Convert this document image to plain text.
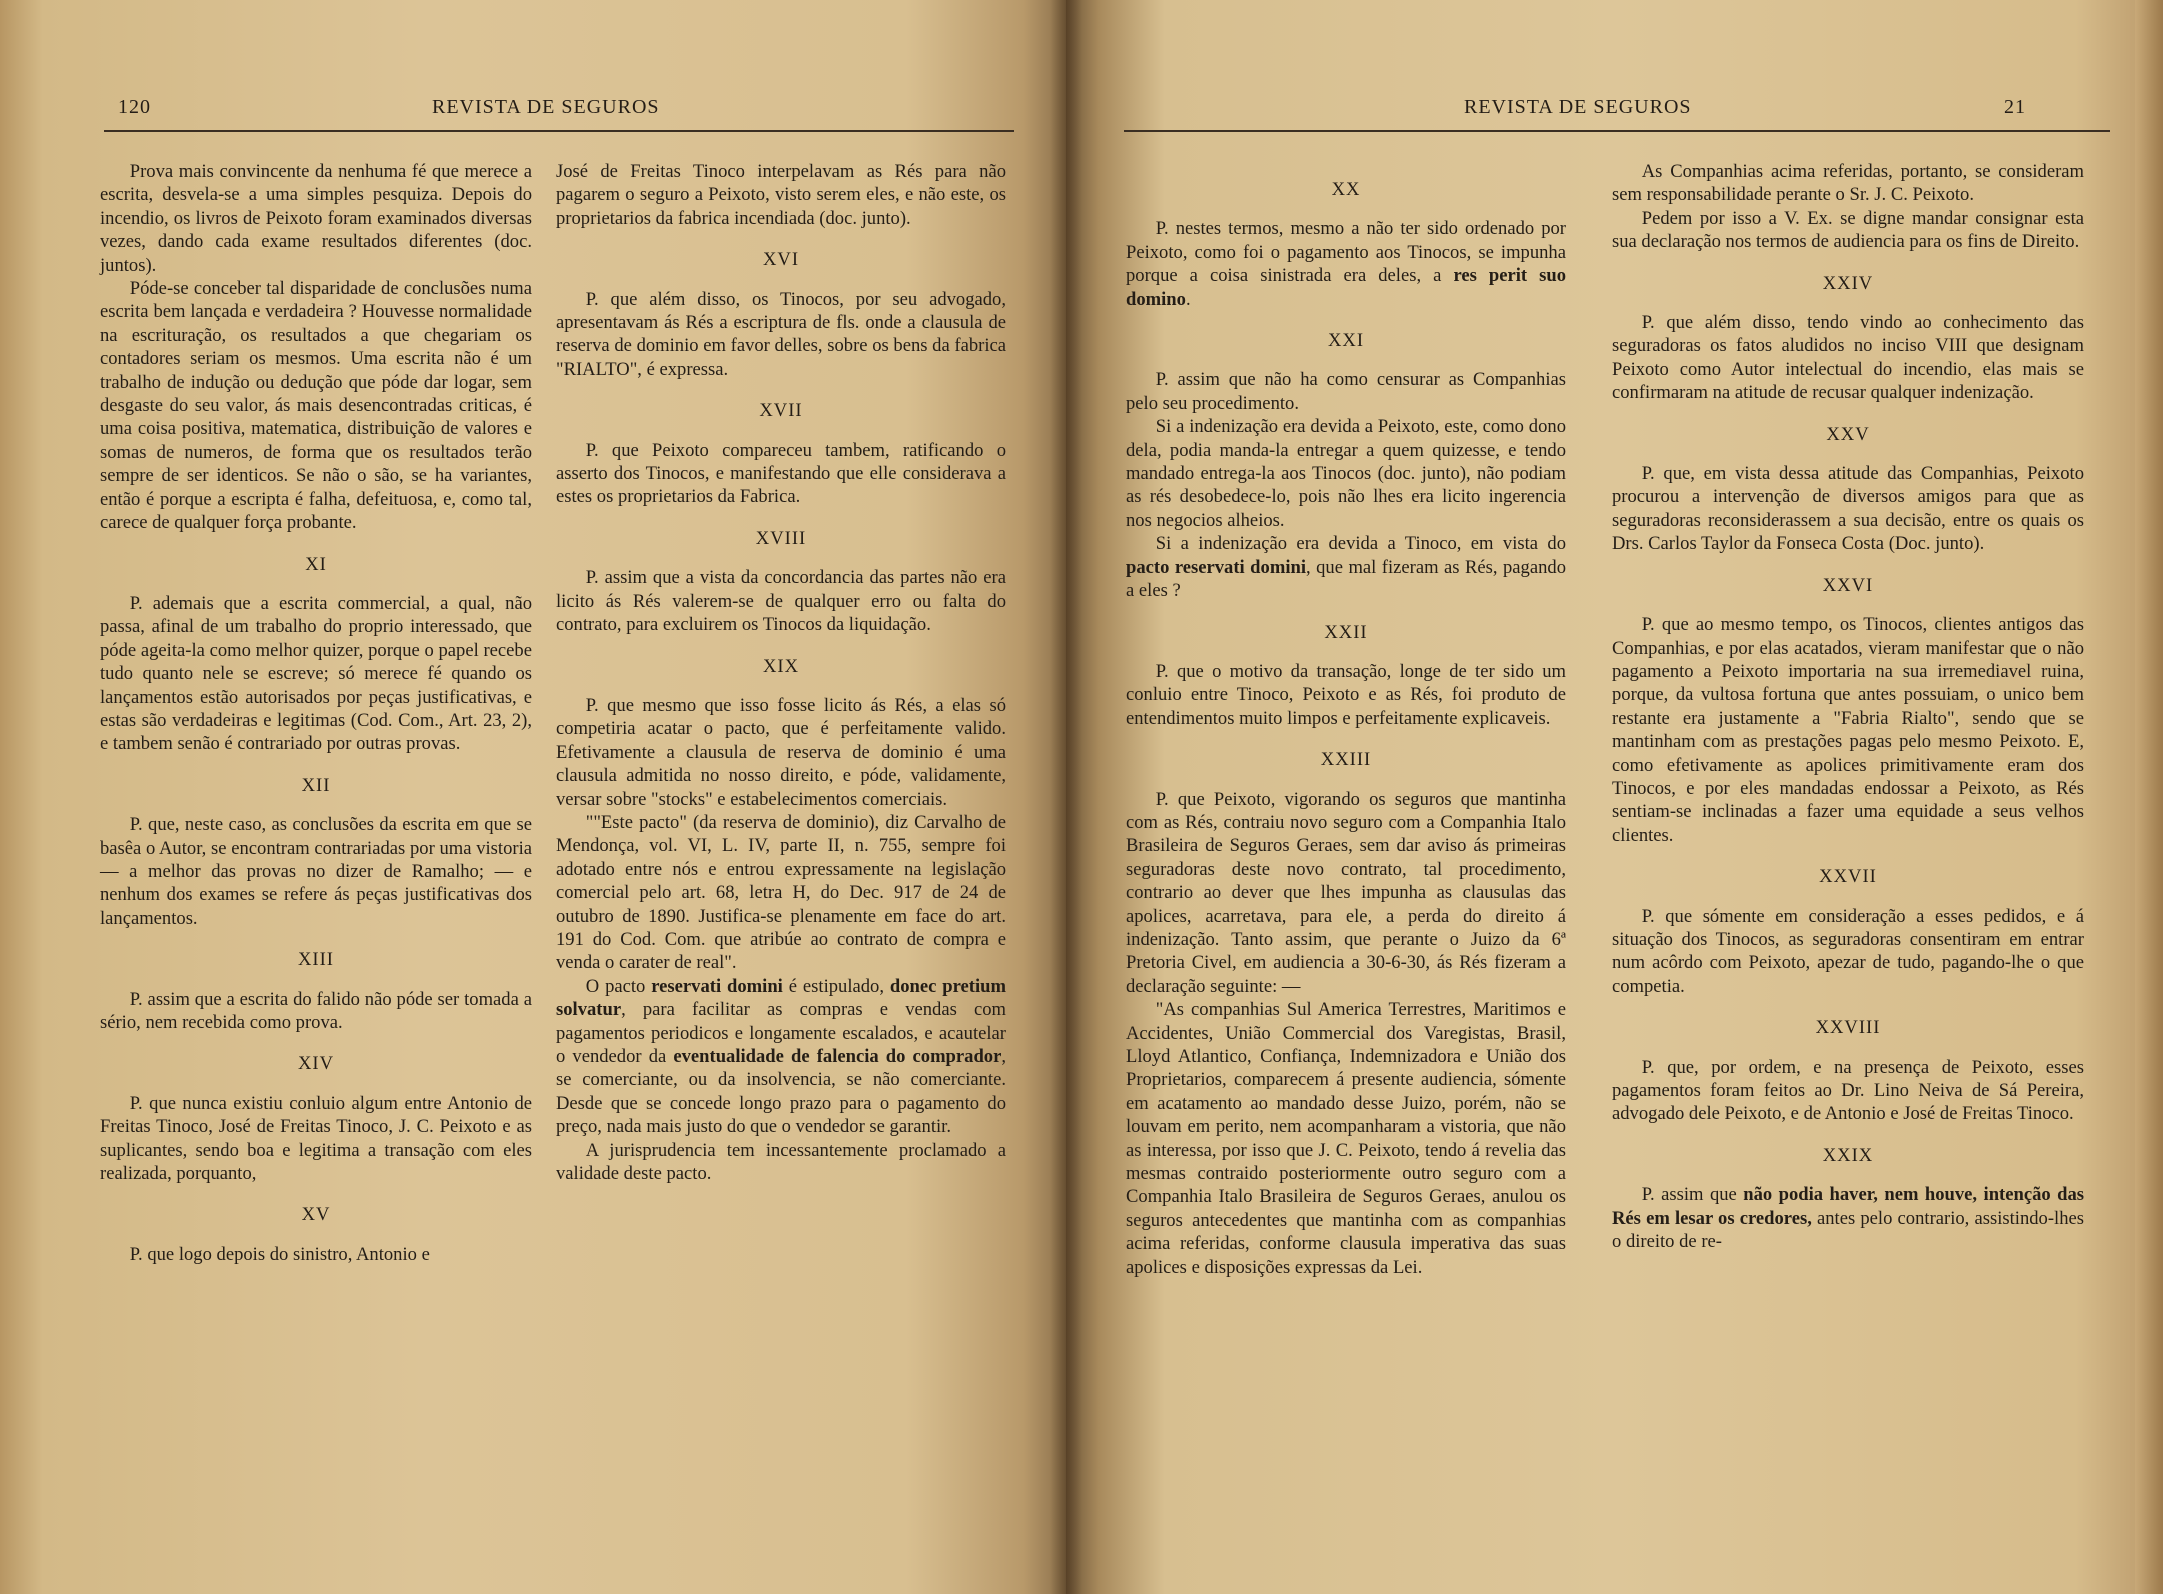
120	REVISTA DE SEGUROS

Prova mais convincente da nenhuma fé que merece a escrita, desvela-se a uma simples pesquiza. Depois do incendio, os livros de Peixoto foram examinados diversas vezes, dando cada exame resultados diferentes (doc. juntos).

Póde-se conceber tal disparidade de conclusões numa escrita bem lançada e verdadeira ? Houvesse normalidade na escrituração, os resultados a que chegariam os contadores seriam os mesmos. Uma escrita não é um trabalho de indução ou dedução que póde dar logar, sem desgaste do seu valor, ás mais desencontradas criticas, é uma coisa positiva, matematica, distribuição de valores e somas de numeros, de forma que os resultados terão sempre de ser identicos. Se não o são, se ha variantes, então é porque a escripta é falha, defeituosa, e, como tal, carece de qualquer força probante.

XI

P. ademais que a escrita commercial, a qual, não passa, afinal de um trabalho do proprio interessado, que póde ageita-la como melhor quizer, porque o papel recebe tudo quanto nele se escreve; só merece fé quando os lançamentos estão autorisados por peças justificativas, e estas são verdadeiras e legitimas (Cod. Com., Art. 23, 2), e tambem senão é contrariado por outras provas.

XII

P. que, neste caso, as conclusões da escrita em que se basêa o Autor, se encontram contrariadas por uma vistoria — a melhor das provas no dizer de Ramalho; — e nenhum dos exames se refere ás peças justificativas dos lançamentos.

XIII

P. assim que a escrita do falido não póde ser tomada a sério, nem recebida como prova.

XIV

P. que nunca existiu conluio algum entre Antonio de Freitas Tinoco, José de Freitas Tinoco, J. C. Peixoto e as suplicantes, sendo boa e legitima a transação com eles realizada, porquanto,

XV

P. que logo depois do sinistro, Antonio e

José de Freitas Tinoco interpelavam as Rés para não pagarem o seguro a Peixoto, visto serem eles, e não este, os proprietarios da fabrica incendiada (doc. junto).

XVI

P. que além disso, os Tinocos, por seu advogado, apresentavam ás Rés a escriptura de fls. onde a clausula de reserva de dominio em favor delles, sobre os bens da fabrica "RIALTO", é expressa.

XVII

P. que Peixoto compareceu tambem, ratificando o asserto dos Tinocos, e manifestando que elle considerava a estes os proprietarios da Fabrica.

XVIII

P. assim que a vista da concordancia das partes não era licito ás Rés valerem-se de qualquer erro ou falta do contrato, para excluirem os Tinocos da liquidação.

XIX

P. que mesmo que isso fosse licito ás Rés, a elas só competiria acatar o pacto, que é perfeitamente valido. Efetivamente a clausula de reserva de dominio é uma clausula admitida no nosso direito, e póde, validamente, versar sobre "stocks" e estabelecimentos comerciais.

""Este pacto" (da reserva de dominio), diz Carvalho de Mendonça, vol. VI, L. IV, parte II, n. 755, sempre foi adotado entre nós e entrou expressamente na legislação comercial pelo art. 68, letra H, do Dec. 917 de 24 de outubro de 1890. Justifica-se plenamente em face do art. 191 do Cod. Com. que atribúe ao contrato de compra e venda o carater de real".

O pacto reservati domini é estipulado, donec pretium solvatur, para facilitar as compras e vendas com pagamentos periodicos e longamente escalados, e acautelar o vendedor da eventualidade de falencia do comprador, se comerciante, ou da insolvencia, se não comerciante. Desde que se concede longo prazo para o pagamento do preço, nada mais justo do que o vendedor se garantir.

A jurisprudencia tem incessantemente proclamado a validade deste pacto.

REVISTA DE SEGUROS	21
XX

P. nestes termos, mesmo a não ter sido ordenado por Peixoto, como foi o pagamento aos Tinocos, se impunha porque a coisa sinistrada era deles, a res perit suo domino.

XXI

P. assim que não ha como censurar as Companhias pelo seu procedimento.

Si a indenização era devida a Peixoto, este, como dono dela, podia manda-la entregar a quem quizesse, e tendo mandado entrega-la aos Tinocos (doc. junto), não podiam as rés desobedece-lo, pois não lhes era licito ingerencia nos negocios alheios.

Si a indenização era devida a Tinoco, em vista do pacto reservati domini, que mal fizeram as Rés, pagando a eles ?

XXII

P. que o motivo da transação, longe de ter sido um conluio entre Tinoco, Peixoto e as Rés, foi produto de entendimentos muito limpos e perfeitamente explicaveis.

XXIII

P. que Peixoto, vigorando os seguros que mantinha com as Rés, contraiu novo seguro com a Companhia Italo Brasileira de Seguros Geraes, sem dar aviso ás primeiras seguradoras deste novo contrato, tal procedimento, contrario ao dever que lhes impunha as clausulas das apolices, acarretava, para ele, a perda do direito á indenização. Tanto assim, que perante o Juizo da 6ª Pretoria Civel, em audiencia a 30-6-30, ás Rés fizeram a declaração seguinte: —

"As companhias Sul America Terrestres, Maritimos e Accidentes, União Commercial dos Varegistas, Brasil, Lloyd Atlantico, Confiança, Indemnizadora e União dos Proprietarios, comparecem á presente audiencia, sómente em acatamento ao mandado desse Juizo, porém, não se louvam em perito, nem acompanharam a vistoria, que não as interessa, por isso que J. C. Peixoto, tendo á revelia das mesmas contraido posteriormente outro seguro com a Companhia Italo Brasileira de Seguros Geraes, anulou os seguros antecedentes que mantinha com as companhias acima referidas, conforme clausula imperativa das suas apolices e disposições expressas da Lei.

As Companhias acima referidas, portanto, se consideram sem responsabilidade perante o Sr. J. C. Peixoto.

Pedem por isso a V. Ex. se digne mandar consignar esta sua declaração nos termos de audiencia para os fins de Direito.

XXIV

P. que além disso, tendo vindo ao conhecimento das seguradoras os fatos aludidos no inciso VIII que designam Peixoto como Autor intelectual do incendio, elas mais se confirmaram na atitude de recusar qualquer indenização.

XXV

P. que, em vista dessa atitude das Companhias, Peixoto procurou a intervenção de diversos amigos para que as seguradoras reconsiderassem a sua decisão, entre os quais os Drs. Carlos Taylor da Fonseca Costa (Doc. junto).

XXVI

P. que ao mesmo tempo, os Tinocos, clientes antigos das Companhias, e por elas acatados, vieram manifestar que o não pagamento a Peixoto importaria na sua irremediavel ruina, porque, da vultosa fortuna que antes possuiam, o unico bem restante era justamente a "Fabria Rialto", sendo que se mantinham com as prestações pagas pelo mesmo Peixoto. E, como efetivamente as apolices primitivamente eram dos Tinocos, e por eles mandadas endossar a Peixoto, as Rés sentiam-se inclinadas a fazer uma equidade a seus velhos clientes.

XXVII

P. que sómente em consideração a esses pedidos, e á situação dos Tinocos, as seguradoras consentiram em entrar num acôrdo com Peixoto, apezar de tudo, pagando-lhe o que competia.

XXVIII

P. que, por ordem, e na presença de Peixoto, esses pagamentos foram feitos ao Dr. Lino Neiva de Sá Pereira, advogado dele Peixoto, e de Antonio e José de Freitas Tinoco.

XXIX

P. assim que não podia haver, nem houve, intenção das Rés em lesar os credores, antes pelo contrario, assistindo-lhes o direito de re-
